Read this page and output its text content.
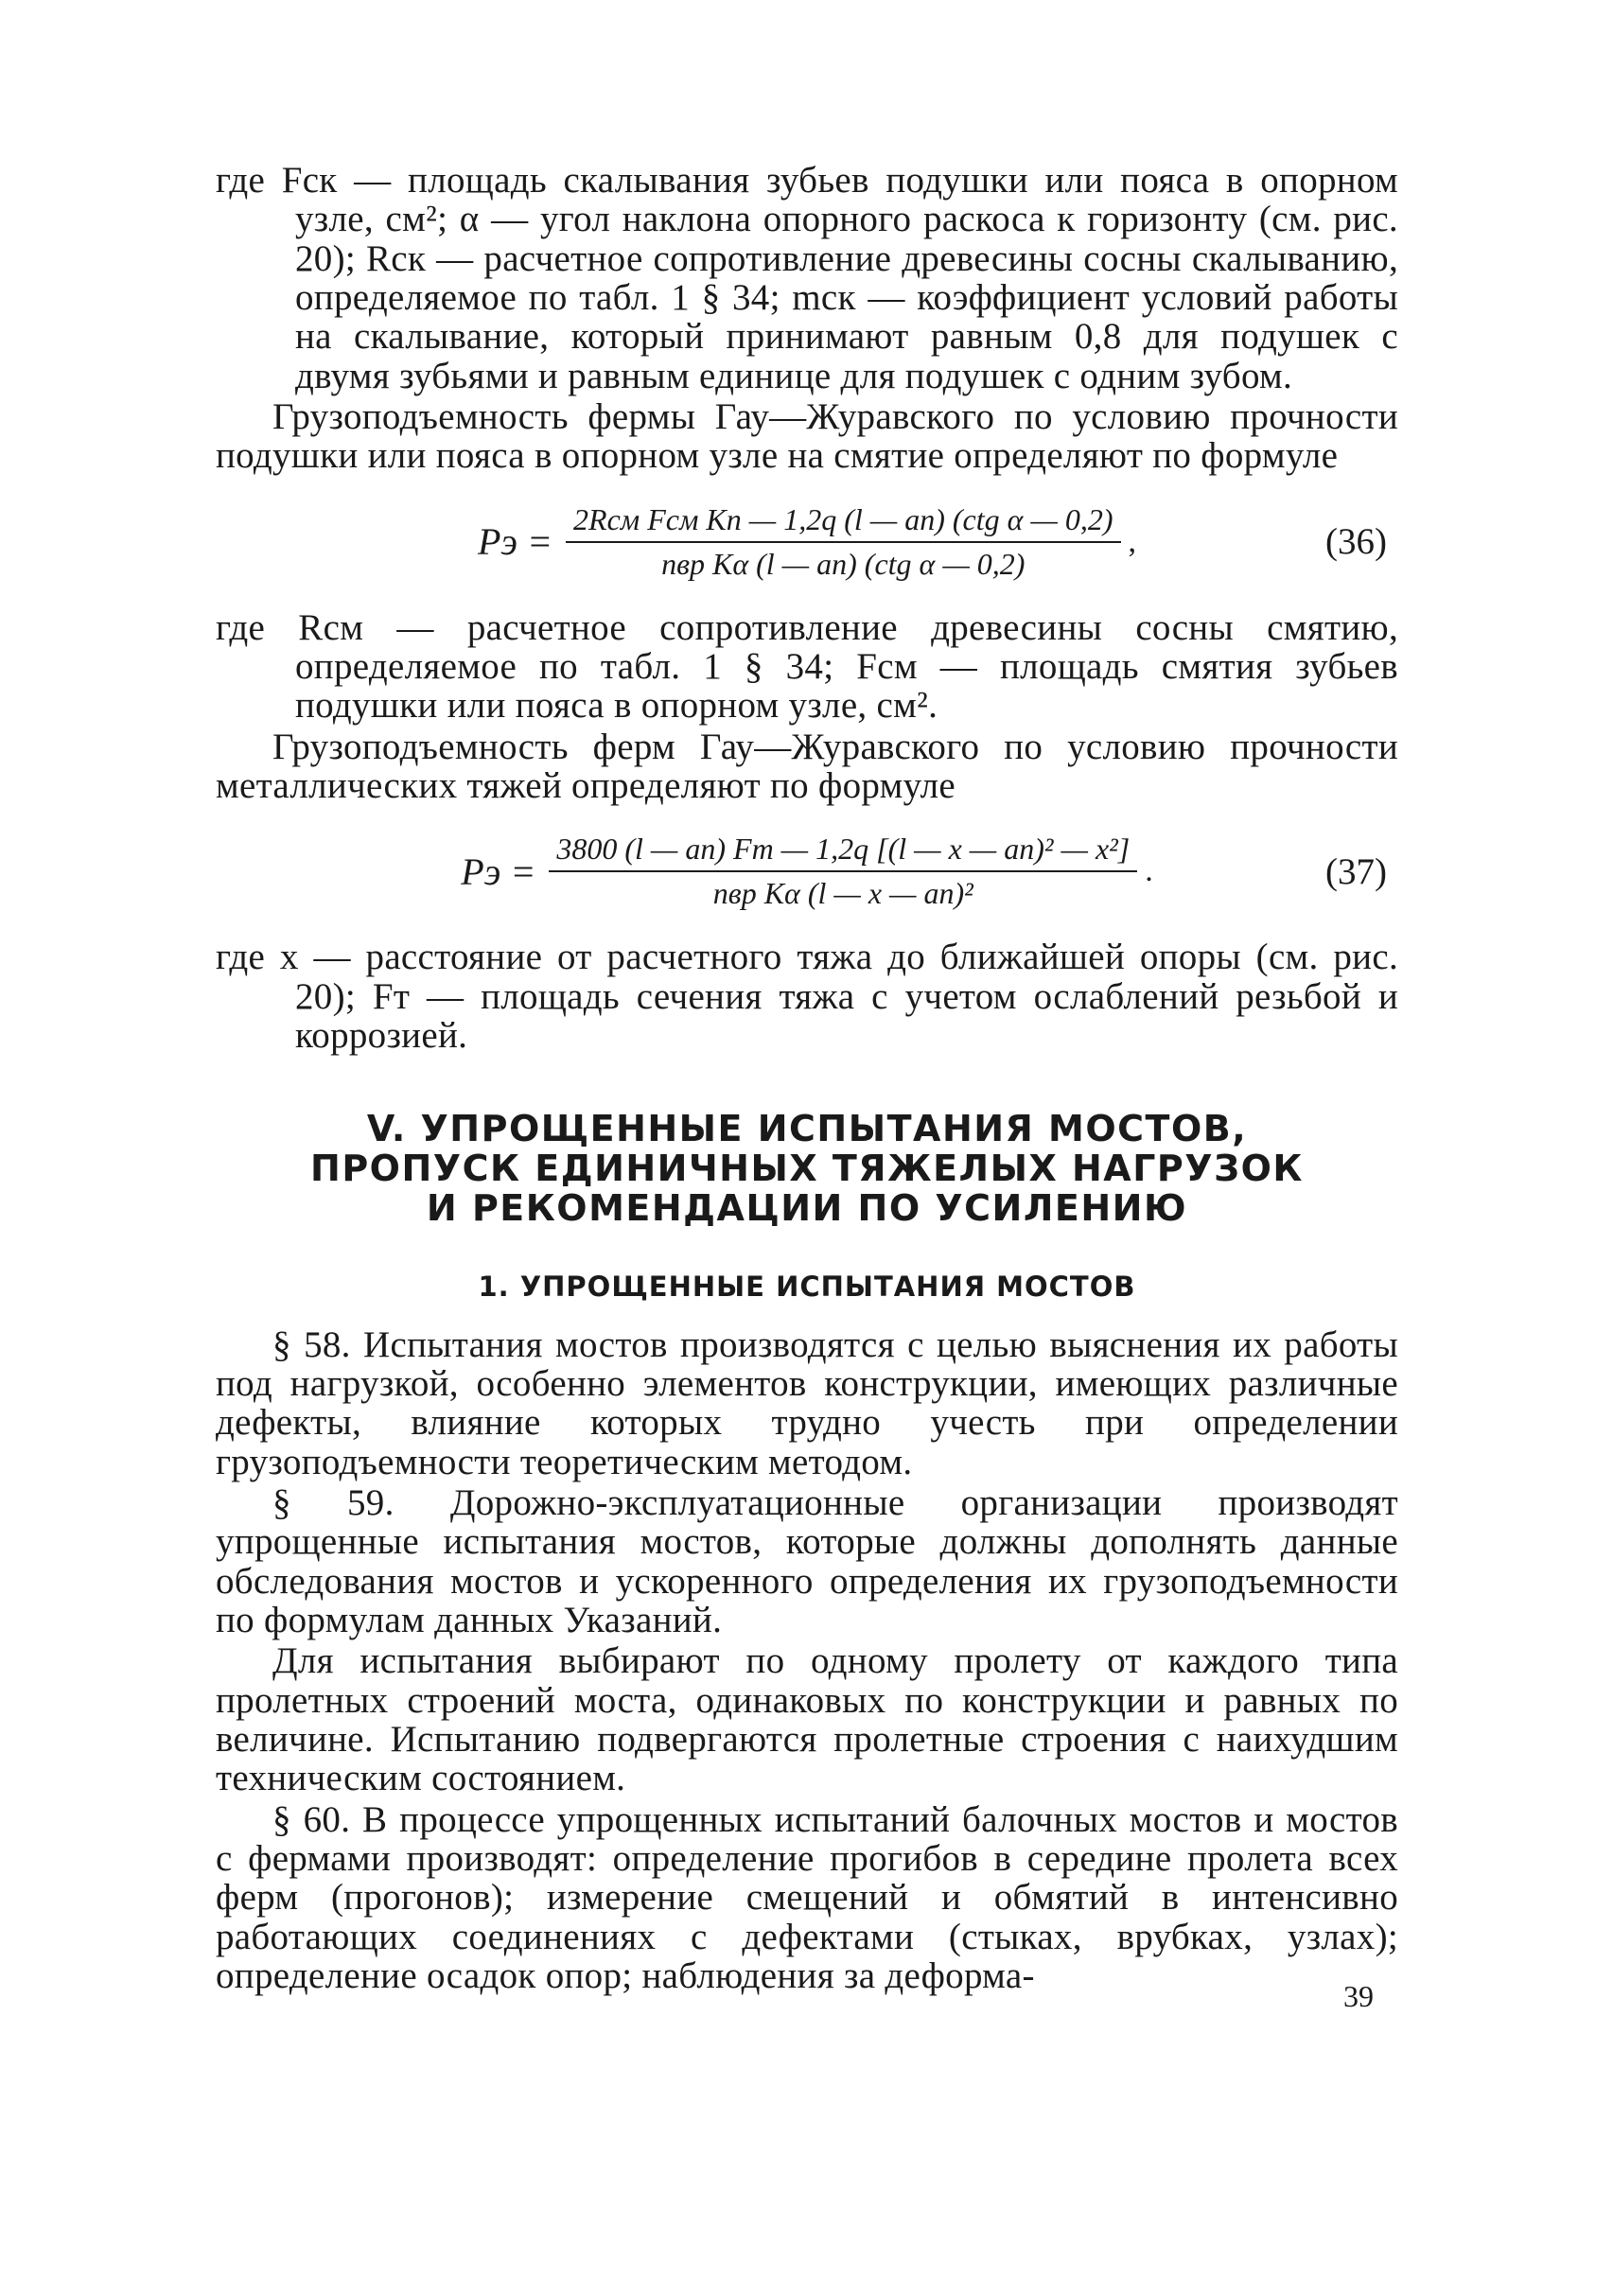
где Fск — площадь скалывания зубьев подушки или пояса в опорном узле, см²; α — угол наклона опорного раскоса к горизонту (см. рис. 20); Rск — расчетное сопротивление древесины сосны скалыванию, определяемое по табл. 1 § 34; mск — коэффициент условий работы на скалывание, который принимают равным 0,8 для подушек с двумя зубьями и равным единице для подушек с одним зубом.

Грузоподъемность фермы Гау—Журавского по условию прочности подушки или пояса в опорном узле на смятие определяют по формуле

Pэ = $\frac{\text{2Rсм Fсм Kп — 1,2q (l — aп) (ctg α — 0,2)}}{\text{nвр Kα (l — aп) (ctg α — 0,2)}}$ ,	(36)

где Rсм — расчетное сопротивление древесины сосны смятию, определяемое по табл. 1 § 34; Fсм — площадь смятия зубьев подушки или пояса в опорном узле, см².

Грузоподъемность ферм Гау—Журавского по условию прочности металлических тяжей определяют по формуле

Pэ = $\frac{\text{3800 (l — aп) Fт — 1,2q [(l — x — aп)² — x²]}}{\text{nвр Kα (l — x — aп)²}}$ .	(37)

где x — расстояние от расчетного тяжа до ближайшей опоры (см. рис. 20); Fт — площадь сечения тяжа с учетом ослаблений резьбой и коррозией.

V. УПРОЩЕННЫЕ ИСПЫТАНИЯ МОСТОВ,
ПРОПУСК ЕДИНИЧНЫХ ТЯЖЕЛЫХ НАГРУЗОК
И РЕКОМЕНДАЦИИ ПО УСИЛЕНИЮ
1. УПРОЩЕННЫЕ ИСПЫТАНИЯ МОСТОВ

§ 58. Испытания мостов производятся с целью выяснения их работы под нагрузкой, особенно элементов конструкции, имеющих различные дефекты, влияние которых трудно учесть при определении грузоподъемности теоретическим методом.

§ 59. Дорожно-эксплуатационные организации производят упрощенные испытания мостов, которые должны дополнять данные обследования мостов и ускоренного определения их грузоподъемности по формулам данных Указаний.

Для испытания выбирают по одному пролету от каждого типа пролетных строений моста, одинаковых по конструкции и равных по величине. Испытанию подвергаются пролетные строения с наихудшим техническим состоянием.

§ 60. В процессе упрощенных испытаний балочных мостов и мостов с фермами производят: определение прогибов в середине пролета всех ферм (прогонов); измерение смещений и обмятий в интенсивно работающих соединениях с дефектами (стыках, врубках, узлах); определение осадок опор; наблюдения за деформа-

39
